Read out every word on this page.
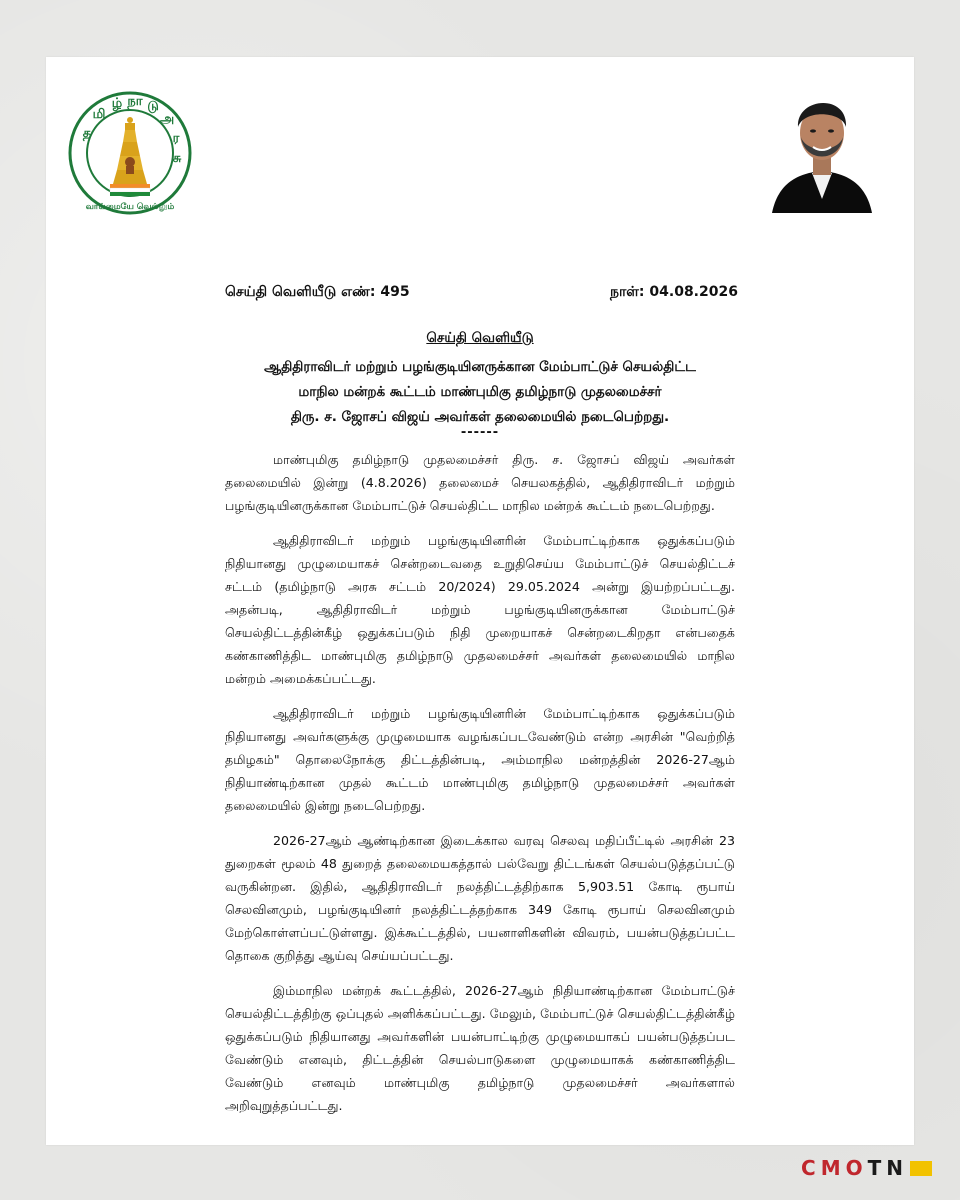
த
மி
ழ் நா டு
அ
ர
சு
வாய்மையே வெல்லும்
செய்தி வெளியீடு எண்: 495	நாள்: 04.08.2026
செய்தி வெளியீடு
ஆதிதிராவிடர் மற்றும் பழங்குடியினருக்கான மேம்பாட்டுச் செயல்திட்ட
மாநில மன்றக் கூட்டம் மாண்புமிகு தமிழ்நாடு முதலமைச்சர்
திரு. ச. ஜோசப் விஜய் அவர்கள் தலைமையில் நடைபெற்றது.
------

மாண்புமிகு தமிழ்நாடு முதலமைச்சர் திரு. ச. ஜோசப் விஜய் அவர்கள் தலைமையில் இன்று (4.8.2026) தலைமைச் செயலகத்தில், ஆதிதிராவிடர் மற்றும் பழங்குடியினருக்கான மேம்பாட்டுச் செயல்திட்ட மாநில மன்றக் கூட்டம் நடைபெற்றது.

ஆதிதிராவிடர் மற்றும் பழங்குடியினரின் மேம்பாட்டிற்காக ஒதுக்கப்படும் நிதியானது முழுமையாகச் சென்றடைவதை உறுதிசெய்ய மேம்பாட்டுச் செயல்திட்டச் சட்டம் (தமிழ்நாடு அரசு சட்டம் 20/2024) 29.05.2024 அன்று இயற்றப்பட்டது. அதன்படி, ஆதிதிராவிடர் மற்றும் பழங்குடியினருக்கான மேம்பாட்டுச் செயல்திட்டத்தின்கீழ் ஒதுக்கப்படும் நிதி முறையாகச் சென்றடைகிறதா என்பதைக் கண்காணித்திட மாண்புமிகு தமிழ்நாடு முதலமைச்சர் அவர்கள் தலைமையில் மாநில மன்றம் அமைக்கப்பட்டது.

ஆதிதிராவிடர் மற்றும் பழங்குடியினரின் மேம்பாட்டிற்காக ஒதுக்கப்படும் நிதியானது அவர்களுக்கு முழுமையாக வழங்கப்படவேண்டும் என்ற அரசின் "வெற்றித் தமிழகம்" தொலைநோக்கு திட்டத்தின்படி, அம்மாநில மன்றத்தின் 2026-27ஆம் நிதியாண்டிற்கான முதல் கூட்டம் மாண்புமிகு தமிழ்நாடு முதலமைச்சர் அவர்கள் தலைமையில் இன்று நடைபெற்றது.

2026-27ஆம் ஆண்டிற்கான இடைக்கால வரவு செலவு மதிப்பீட்டில் அரசின் 23 துறைகள் மூலம் 48 துறைத் தலைமையகத்தால் பல்வேறு திட்டங்கள் செயல்படுத்தப்பட்டு வருகின்றன. இதில், ஆதிதிராவிடர் நலத்திட்டத்திற்காக 5,903.51 கோடி ரூபாய் செலவினமும், பழங்குடியினர் நலத்திட்டத்தற்காக 349 கோடி ரூபாய் செலவினமும் மேற்கொள்ளப்பட்டுள்ளது. இக்கூட்டத்தில், பயனாளிகளின் விவரம், பயன்படுத்தப்பட்ட தொகை குறித்து ஆய்வு செய்யப்பட்டது.

இம்மாநில மன்றக் கூட்டத்தில், 2026-27ஆம் நிதியாண்டிற்கான மேம்பாட்டுச் செயல்திட்டத்திற்கு ஒப்புதல் அளிக்கப்பட்டது. மேலும், மேம்பாட்டுச் செயல்திட்டத்தின்கீழ் ஒதுக்கப்படும் நிதியானது அவர்களின் பயன்பாட்டிற்கு முழுமையாகப் பயன்படுத்தப்பட வேண்டும் எனவும், திட்டத்தின் செயல்பாடுகளை முழுமையாகக் கண்காணித்திட வேண்டும் எனவும் மாண்புமிகு தமிழ்நாடு முதலமைச்சர் அவர்களால் அறிவுறுத்தப்பட்டது.

CMO TN
